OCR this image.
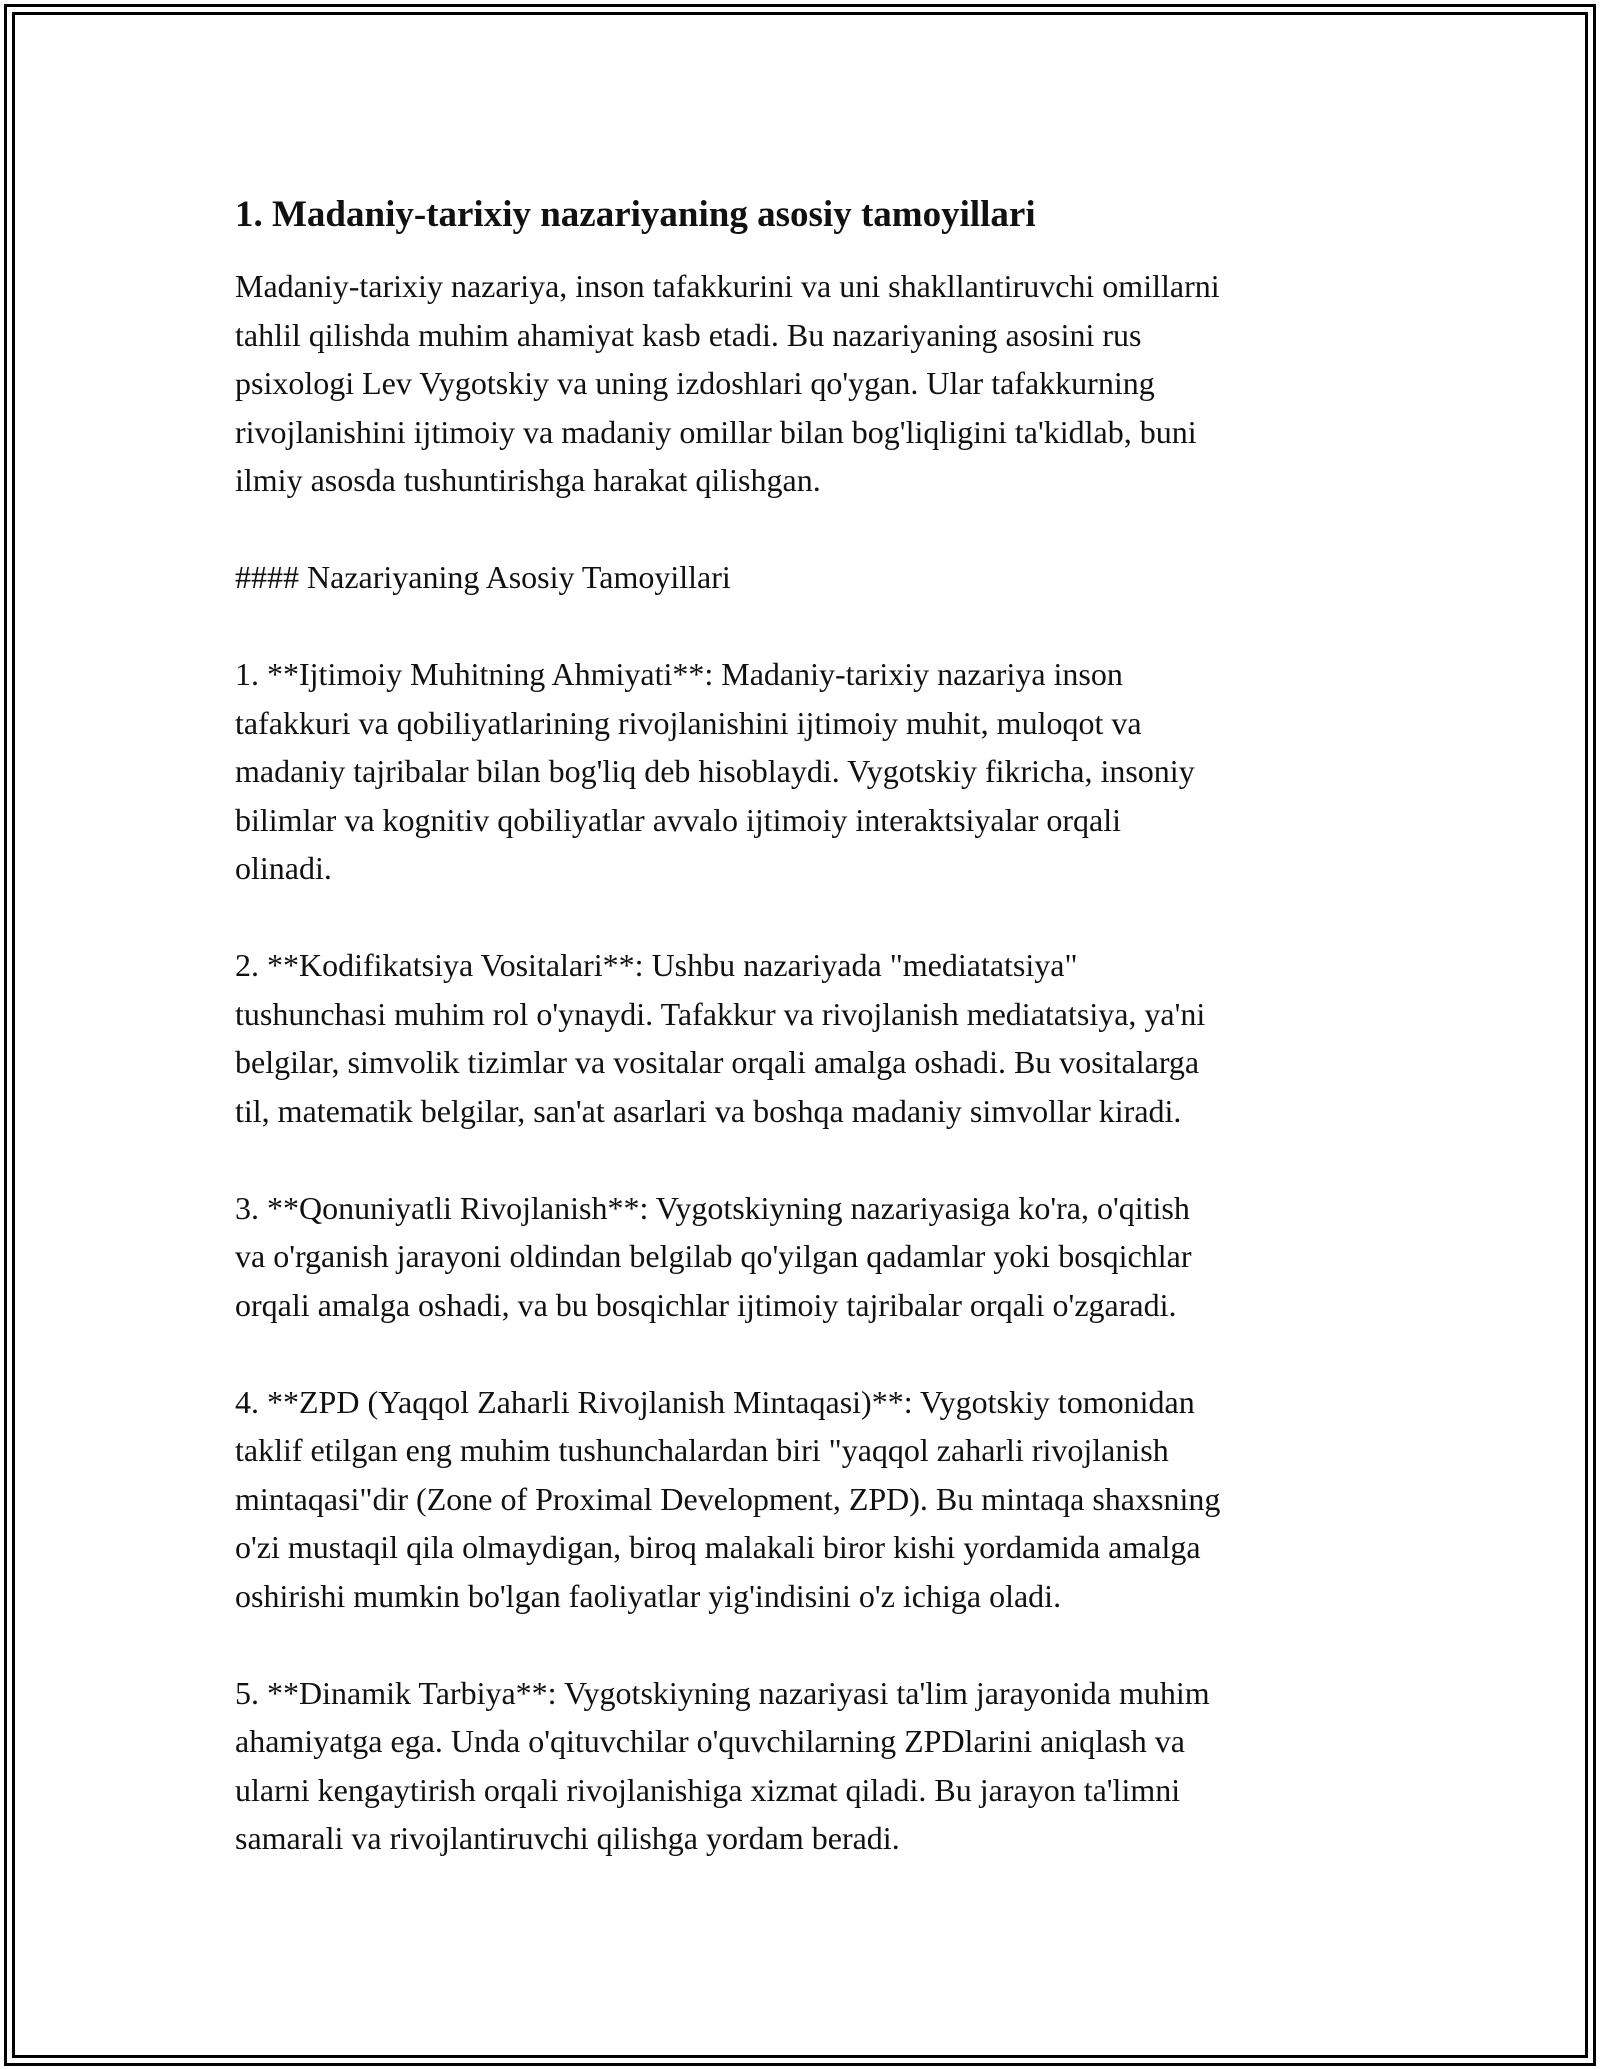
1. Madaniy-tarixiy nazariyaning asosiy tamoyillari

Madaniy-tarixiy nazariya, inson tafakkurini va uni shakllantiruvchi omillarni
tahlil qilishda muhim ahamiyat kasb etadi. Bu nazariyaning asosini rus
psixologi Lev Vygotskiy va uning izdoshlari qo'ygan. Ular tafakkurning
rivojlanishini ijtimoiy va madaniy omillar bilan bog'liqligini ta'kidlab, buni
ilmiy asosda tushuntirishga harakat qilishgan.

#### Nazariyaning Asosiy Tamoyillari

1. **Ijtimoiy Muhitning Ahmiyati**: Madaniy-tarixiy nazariya inson
tafakkuri va qobiliyatlarining rivojlanishini ijtimoiy muhit, muloqot va
madaniy tajribalar bilan bog'liq deb hisoblaydi. Vygotskiy fikricha, insoniy
bilimlar va kognitiv qobiliyatlar avvalo ijtimoiy interaktsiyalar orqali
olinadi.

2. **Kodifikatsiya Vositalari**: Ushbu nazariyada "mediatatsiya"
tushunchasi muhim rol o'ynaydi. Tafakkur va rivojlanish mediatatsiya, ya'ni
belgilar, simvolik tizimlar va vositalar orqali amalga oshadi. Bu vositalarga
til, matematik belgilar, san'at asarlari va boshqa madaniy simvollar kiradi.

3. **Qonuniyatli Rivojlanish**: Vygotskiyning nazariyasiga ko'ra, o'qitish
va o'rganish jarayoni oldindan belgilab qo'yilgan qadamlar yoki bosqichlar
orqali amalga oshadi, va bu bosqichlar ijtimoiy tajribalar orqali o'zgaradi.

4. **ZPD (Yaqqol Zaharli Rivojlanish Mintaqasi)**: Vygotskiy tomonidan
taklif etilgan eng muhim tushunchalardan biri "yaqqol zaharli rivojlanish
mintaqasi"dir (Zone of Proximal Development, ZPD). Bu mintaqa shaxsning
o'zi mustaqil qila olmaydigan, biroq malakali biror kishi yordamida amalga
oshirishi mumkin bo'lgan faoliyatlar yig'indisini o'z ichiga oladi.

5. **Dinamik Tarbiya**: Vygotskiyning nazariyasi ta'lim jarayonida muhim
ahamiyatga ega. Unda o'qituvchilar o'quvchilarning ZPDlarini aniqlash va
ularni kengaytirish orqali rivojlanishiga xizmat qiladi. Bu jarayon ta'limni
samarali va rivojlantiruvchi qilishga yordam beradi.
